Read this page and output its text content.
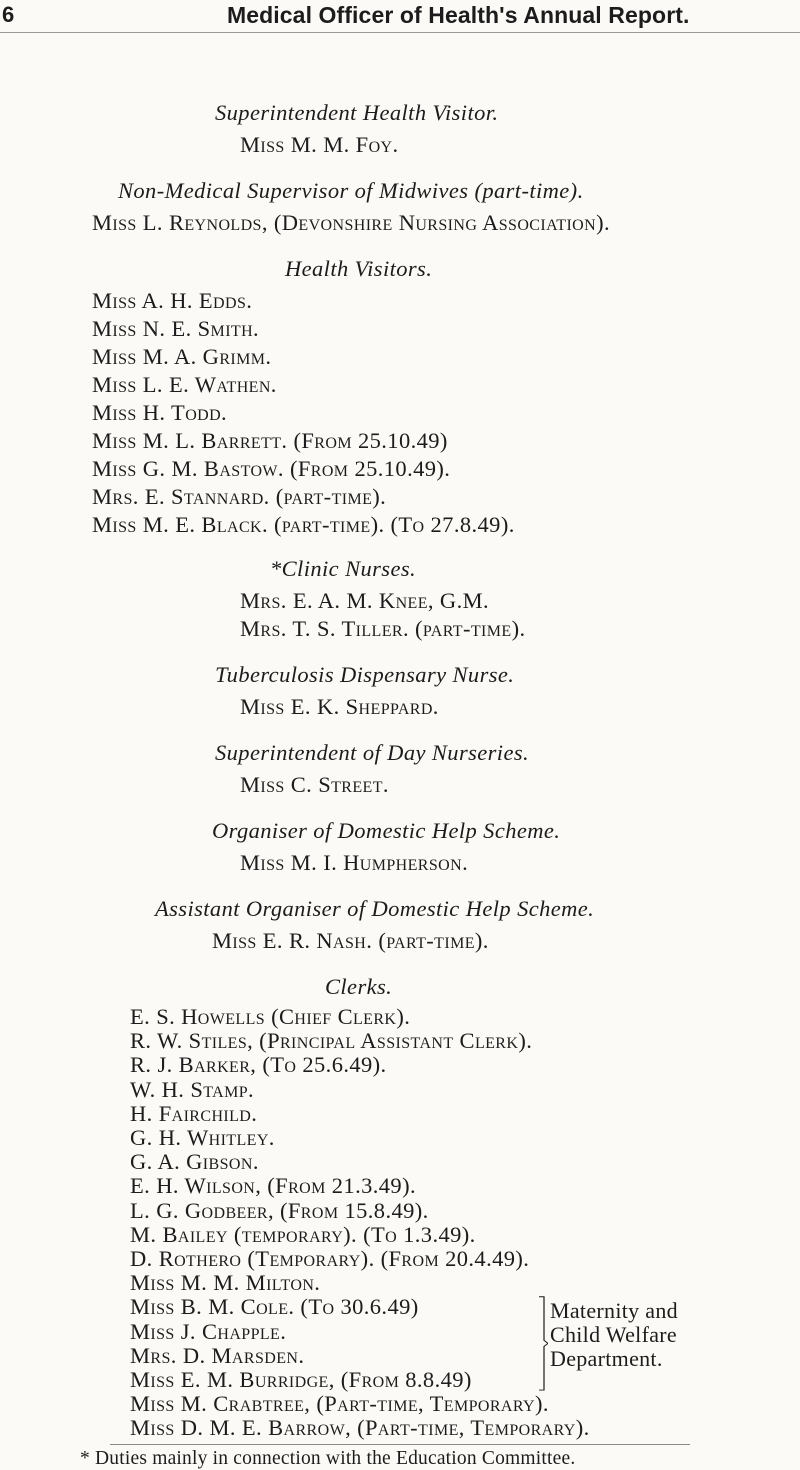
6	Medical Officer of Health's Annual Report.
Superintendent Health Visitor.
Miss M. M. Foy.
Non-Medical Supervisor of Midwives (part-time).
Miss L. Reynolds, (Devonshire Nursing Association).
Health Visitors.
Miss A. H. Edds.
Miss N. E. Smith.
Miss M. A. Grimm.
Miss L. E. Wathen.
Miss H. Todd.
Miss M. L. Barrett. (From 25.10.49)
Miss G. M. Bastow. (From 25.10.49).
Mrs. E. Stannard. (part-time).
Miss M. E. Black. (part-time). (To 27.8.49).
*Clinic Nurses.
Mrs. E. A. M. Knee, G.M.
Mrs. T. S. Tiller. (part-time).
Tuberculosis Dispensary Nurse.
Miss E. K. Sheppard.
Superintendent of Day Nurseries.
Miss C. Street.
Organiser of Domestic Help Scheme.
Miss M. I. Humpherson.
Assistant Organiser of Domestic Help Scheme.
Miss E. R. Nash. (part-time).
Clerks.
E. S. Howells (Chief Clerk).
R. W. Stiles, (Principal Assistant Clerk).
R. J. Barker, (To 25.6.49).
W. H. Stamp.
H. Fairchild.
G. H. Whitley.
G. A. Gibson.
E. H. Wilson, (From 21.3.49).
L. G. Godbeer, (From 15.8.49).
M. Bailey (temporary). (To 1.3.49).
D. Rothero (Temporary). (From 20.4.49).
Miss M. M. Milton.
Miss B. M. Cole. (To 30.6.49)
Miss J. Chapple.
Mrs. D. Marsden.
Miss E. M. Burridge, (From 8.8.49)
Miss M. Crabtree, (Part-time, Temporary).
Miss D. M. E. Barrow, (Part-time, Temporary).
Maternity and
Child Welfare
Department.
* Duties mainly in connection with the Education Committee.
